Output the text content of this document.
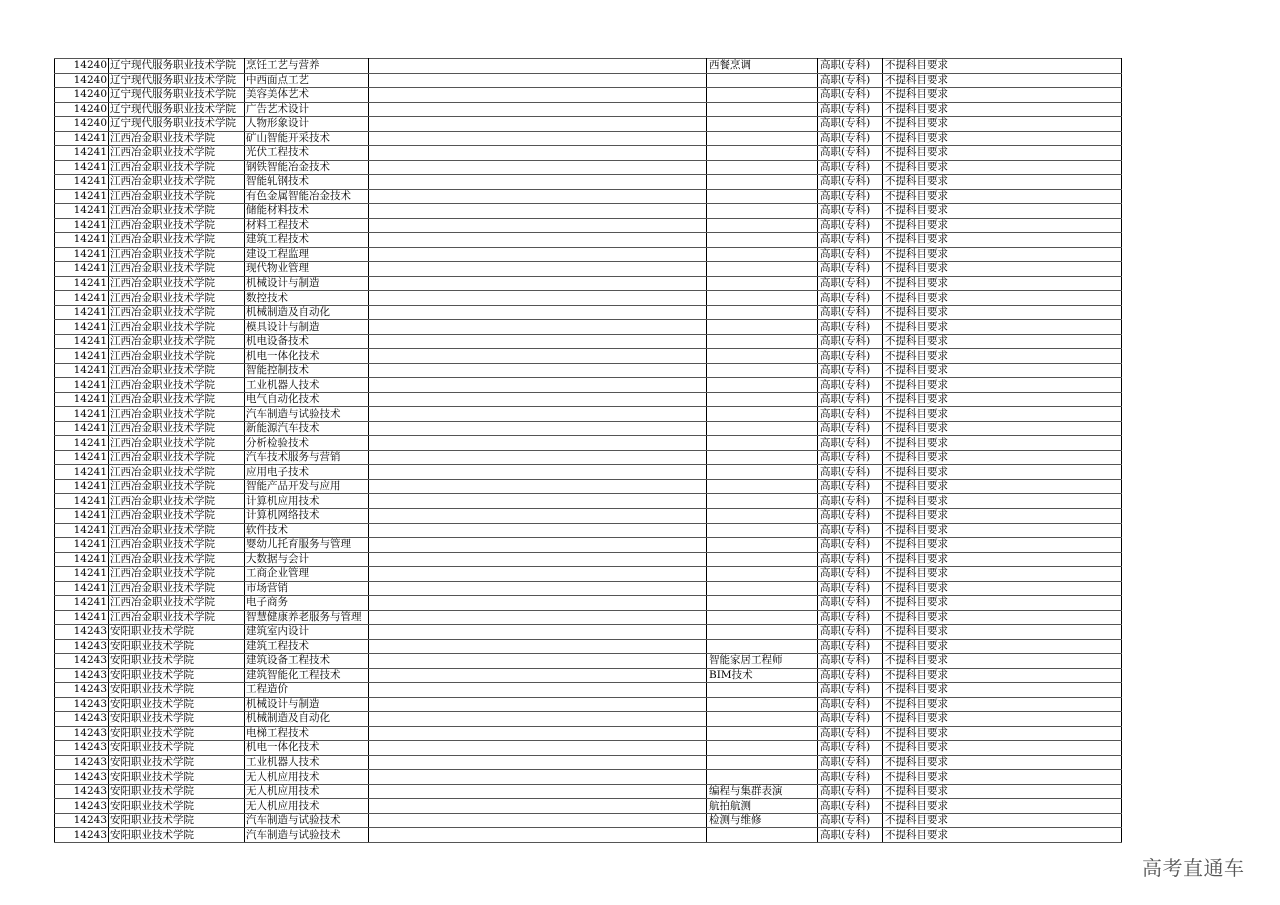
14240	辽宁现代服务职业技术学院	烹饪工艺与营养		西餐烹调	高职(专科)	不提科目要求
14240	辽宁现代服务职业技术学院	中西面点工艺			高职(专科)	不提科目要求
14240	辽宁现代服务职业技术学院	美容美体艺术			高职(专科)	不提科目要求
14240	辽宁现代服务职业技术学院	广告艺术设计			高职(专科)	不提科目要求
14240	辽宁现代服务职业技术学院	人物形象设计			高职(专科)	不提科目要求
14241	江西冶金职业技术学院	矿山智能开采技术			高职(专科)	不提科目要求
14241	江西冶金职业技术学院	光伏工程技术			高职(专科)	不提科目要求
14241	江西冶金职业技术学院	钢铁智能冶金技术			高职(专科)	不提科目要求
14241	江西冶金职业技术学院	智能轧钢技术			高职(专科)	不提科目要求
14241	江西冶金职业技术学院	有色金属智能冶金技术			高职(专科)	不提科目要求
14241	江西冶金职业技术学院	储能材料技术			高职(专科)	不提科目要求
14241	江西冶金职业技术学院	材料工程技术			高职(专科)	不提科目要求
14241	江西冶金职业技术学院	建筑工程技术			高职(专科)	不提科目要求
14241	江西冶金职业技术学院	建设工程监理			高职(专科)	不提科目要求
14241	江西冶金职业技术学院	现代物业管理			高职(专科)	不提科目要求
14241	江西冶金职业技术学院	机械设计与制造			高职(专科)	不提科目要求
14241	江西冶金职业技术学院	数控技术			高职(专科)	不提科目要求
14241	江西冶金职业技术学院	机械制造及自动化			高职(专科)	不提科目要求
14241	江西冶金职业技术学院	模具设计与制造			高职(专科)	不提科目要求
14241	江西冶金职业技术学院	机电设备技术			高职(专科)	不提科目要求
14241	江西冶金职业技术学院	机电一体化技术			高职(专科)	不提科目要求
14241	江西冶金职业技术学院	智能控制技术			高职(专科)	不提科目要求
14241	江西冶金职业技术学院	工业机器人技术			高职(专科)	不提科目要求
14241	江西冶金职业技术学院	电气自动化技术			高职(专科)	不提科目要求
14241	江西冶金职业技术学院	汽车制造与试验技术			高职(专科)	不提科目要求
14241	江西冶金职业技术学院	新能源汽车技术			高职(专科)	不提科目要求
14241	江西冶金职业技术学院	分析检验技术			高职(专科)	不提科目要求
14241	江西冶金职业技术学院	汽车技术服务与营销			高职(专科)	不提科目要求
14241	江西冶金职业技术学院	应用电子技术			高职(专科)	不提科目要求
14241	江西冶金职业技术学院	智能产品开发与应用			高职(专科)	不提科目要求
14241	江西冶金职业技术学院	计算机应用技术			高职(专科)	不提科目要求
14241	江西冶金职业技术学院	计算机网络技术			高职(专科)	不提科目要求
14241	江西冶金职业技术学院	软件技术			高职(专科)	不提科目要求
14241	江西冶金职业技术学院	婴幼儿托育服务与管理			高职(专科)	不提科目要求
14241	江西冶金职业技术学院	大数据与会计			高职(专科)	不提科目要求
14241	江西冶金职业技术学院	工商企业管理			高职(专科)	不提科目要求
14241	江西冶金职业技术学院	市场营销			高职(专科)	不提科目要求
14241	江西冶金职业技术学院	电子商务			高职(专科)	不提科目要求
14241	江西冶金职业技术学院	智慧健康养老服务与管理			高职(专科)	不提科目要求
14243	安阳职业技术学院	建筑室内设计			高职(专科)	不提科目要求
14243	安阳职业技术学院	建筑工程技术			高职(专科)	不提科目要求
14243	安阳职业技术学院	建筑设备工程技术		智能家居工程师	高职(专科)	不提科目要求
14243	安阳职业技术学院	建筑智能化工程技术		BIM技术	高职(专科)	不提科目要求
14243	安阳职业技术学院	工程造价			高职(专科)	不提科目要求
14243	安阳职业技术学院	机械设计与制造			高职(专科)	不提科目要求
14243	安阳职业技术学院	机械制造及自动化			高职(专科)	不提科目要求
14243	安阳职业技术学院	电梯工程技术			高职(专科)	不提科目要求
14243	安阳职业技术学院	机电一体化技术			高职(专科)	不提科目要求
14243	安阳职业技术学院	工业机器人技术			高职(专科)	不提科目要求
14243	安阳职业技术学院	无人机应用技术			高职(专科)	不提科目要求
14243	安阳职业技术学院	无人机应用技术		编程与集群表演	高职(专科)	不提科目要求
14243	安阳职业技术学院	无人机应用技术		航拍航测	高职(专科)	不提科目要求
14243	安阳职业技术学院	汽车制造与试验技术		检测与维修	高职(专科)	不提科目要求
14243	安阳职业技术学院	汽车制造与试验技术			高职(专科)	不提科目要求
高考直通车
